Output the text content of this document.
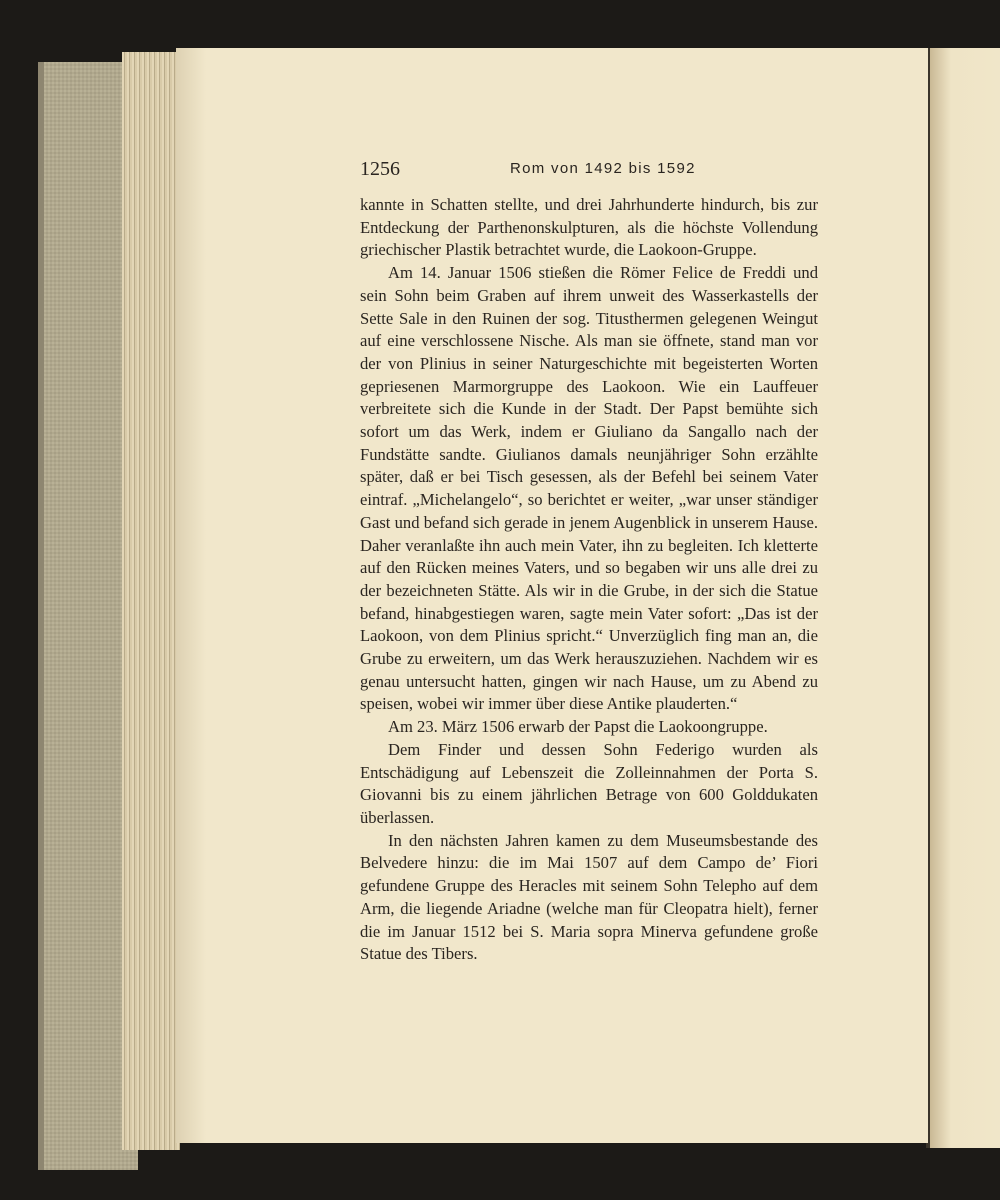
1256	Rom von 1492 bis 1592

kannte in Schatten stellte, und drei Jahrhunderte hindurch, bis zur Entdeckung der Parthenonskulpturen, als die höchste Vollendung griechischer Plastik betrachtet wurde, die Laokoon-Gruppe.

Am 14. Januar 1506 stießen die Römer Felice de Freddi und sein Sohn beim Graben auf ihrem unweit des Wasserkastells der Sette Sale in den Ruinen der sog. Titusthermen gelegenen Weingut auf eine verschlossene Nische. Als man sie öffnete, stand man vor der von Plinius in seiner Naturgeschichte mit begeisterten Worten gepriesenen Marmorgruppe des Laokoon. Wie ein Lauffeuer verbreitete sich die Kunde in der Stadt. Der Papst bemühte sich sofort um das Werk, indem er Giuliano da Sangallo nach der Fundstätte sandte. Giulianos damals neunjähriger Sohn erzählte später, daß er bei Tisch gesessen, als der Befehl bei seinem Vater eintraf. „Michelangelo“, so berichtet er weiter, „war unser ständiger Gast und befand sich gerade in jenem Augenblick in unserem Hause. Daher veranlaßte ihn auch mein Vater, ihn zu begleiten. Ich kletterte auf den Rücken meines Vaters, und so begaben wir uns alle drei zu der bezeichneten Stätte. Als wir in die Grube, in der sich die Statue befand, hinabgestiegen waren, sagte mein Vater sofort: „Das ist der Laokoon, von dem Plinius spricht.“ Unverzüglich fing man an, die Grube zu erweitern, um das Werk herauszuziehen. Nachdem wir es genau untersucht hatten, gingen wir nach Hause, um zu Abend zu speisen, wobei wir immer über diese Antike plauderten.“

Am 23. März 1506 erwarb der Papst die Laokoongruppe.

Dem Finder und dessen Sohn Federigo wurden als Entschädigung auf Lebenszeit die Zolleinnahmen der Porta S. Giovanni bis zu einem jährlichen Betrage von 600 Golddukaten überlassen.

In den nächsten Jahren kamen zu dem Museumsbestande des Belvedere hinzu: die im Mai 1507 auf dem Campo de’ Fiori gefundene Gruppe des Heracles mit seinem Sohn Telepho auf dem Arm, die liegende Ariadne (welche man für Cleopatra hielt), ferner die im Januar 1512 bei S. Maria sopra Minerva gefundene große Statue des Tibers.
